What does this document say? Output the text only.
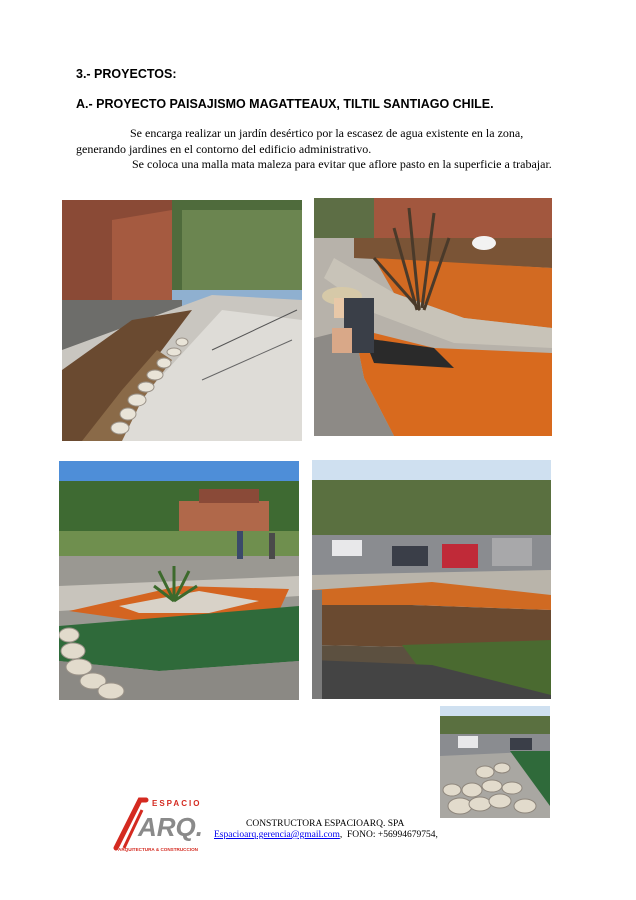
3.- PROYECTOS:
A.- PROYECTO PAISAJISMO MAGATTEAUX, TILTIL SANTIAGO CHILE.
Se encarga realizar un jardín desértico por la escasez de agua existente en la zona, generando jardines en el contorno del edificio administrativo.
Se coloca una malla mata maleza para evitar que aflore pasto en la superficie a trabajar.
ESPACIO
ARQ.
ARQUITECTURA & CONSTRUCCION
CONSTRUCTORA ESPACIOARQ. SPA
Espacioarq.gerencia@gmail.com,  FONO: +56994679754,
